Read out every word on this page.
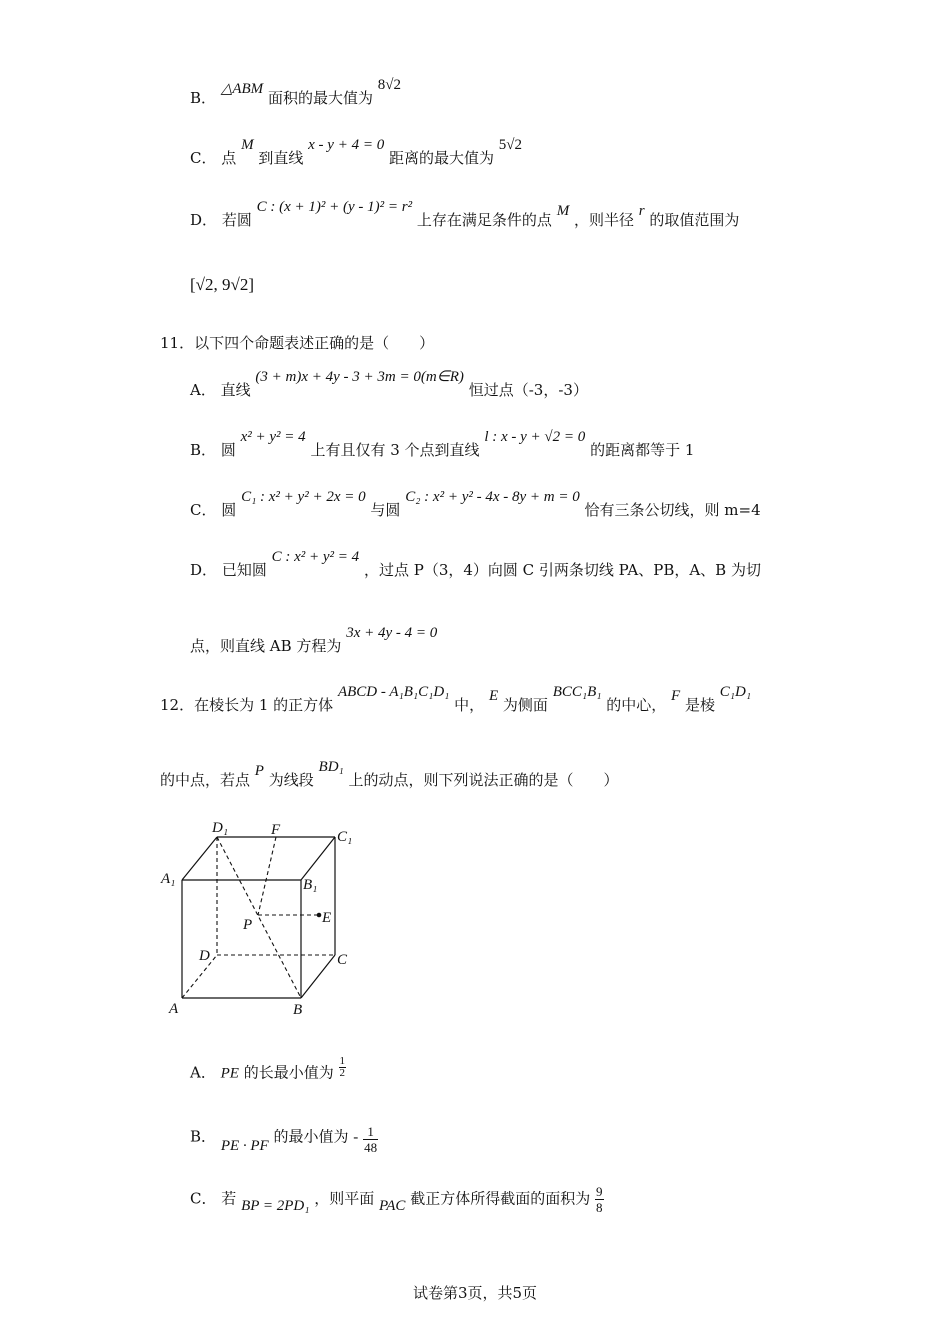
B． △ABM 面积的最大值为 8√2
C． 点 M 到直线 x - y + 4 = 0 距离的最大值为 5√2
D． 若圆 C : (x + 1)² + (y - 1)² = r² 上存在满足条件的点 M ，则半径 r 的取值范围为
[√2, 9√2]
11．以下四个命题表述正确的是（　　）
A． 直线 (3 + m)x + 4y - 3 + 3m = 0(m∈R) 恒过点（-3，-3）
B． 圆 x² + y² = 4 上有且仅有 3 个点到直线 l : x - y + √2 = 0 的距离都等于 1
C． 圆 C₁ : x² + y² + 2x = 0 与圆 C₂ : x² + y² - 4x - 8y + m = 0 恰有三条公切线，则 m=4
D． 已知圆 C : x² + y² = 4 ，过点 P（3，4）向圆 C 引两条切线 PA、PB，A、B 为切
点，则直线 AB 方程为 3x + 4y - 4 = 0
12．在棱长为 1 的正方体 ABCD - A₁B₁C₁D₁ 中， E 为侧面 BCC₁B₁ 的中心， F 是棱 C₁D₁
的中点，若点 P 为线段 BD₁ 上的动点，则下列说法正确的是（　　）
D₁	F	C₁
A₁	B₁
P	E
D	C
A	B
A． PE 的长最小值为 $\frac{1}{2}$
B． PE · PF 的最小值为 - $\frac{1}{48}$
C． 若 BP = 2PD₁ ，则平面 PAC 截正方体所得截面的面积为 $\frac{9}{8}$
试卷第3页，共5页
